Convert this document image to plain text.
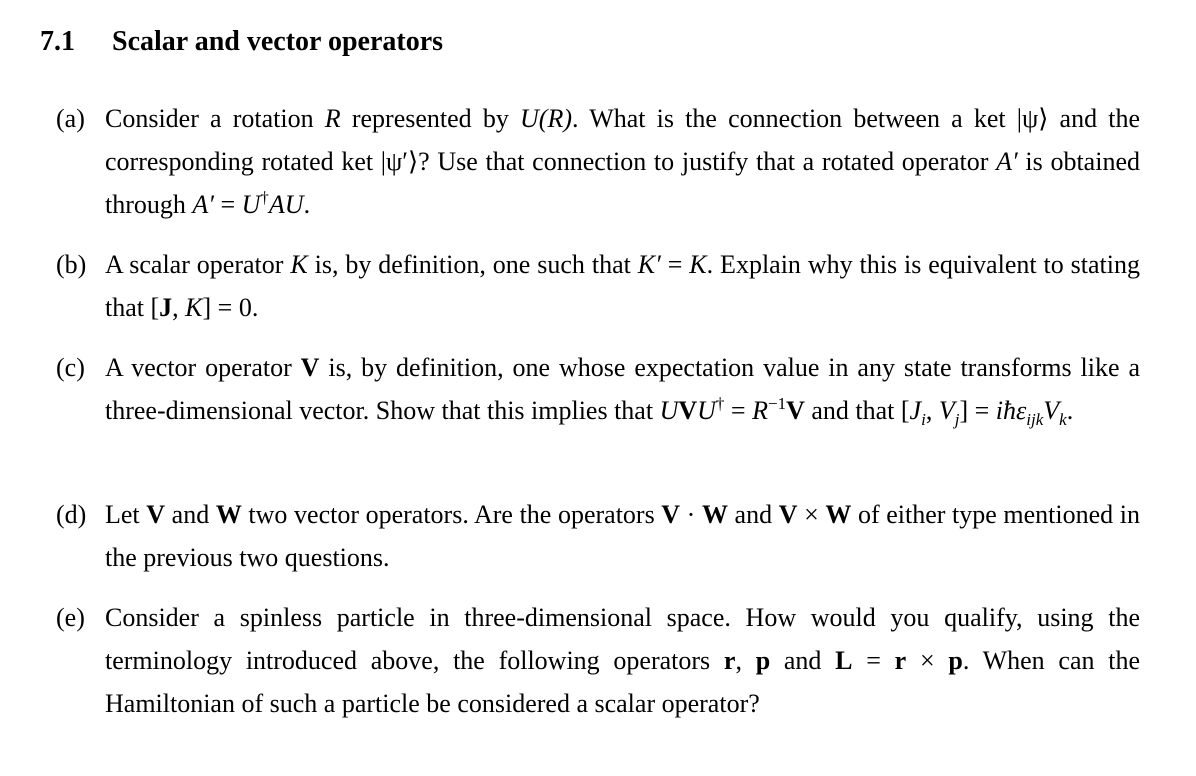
7.1 Scalar and vector operators
(a) Consider a rotation R represented by U(R). What is the connection between a ket |ψ⟩ and the corresponding rotated ket |ψ′⟩? Use that connection to justify that a rotated operator A′ is obtained through A′ = U†AU.
(b) A scalar operator K is, by definition, one such that K′ = K. Explain why this is equivalent to stating that [J, K] = 0.
(c) A vector operator V is, by definition, one whose expectation value in any state transforms like a three-dimensional vector. Show that this implies that $UVU^\dagger = R^{-1}V$ and that [$J_i$, $V_j$] = $iħ\varepsilon_{ijk}V_k$.
(d) Let V and W two vector operators. Are the operators V · W and V × W of either type mentioned in the previous two questions.
(e) Consider a spinless particle in three-dimensional space. How would you qualify, using the terminology introduced above, the following operators r, p and L = r × p. When can the Hamiltonian of such a particle be considered a scalar operator?
